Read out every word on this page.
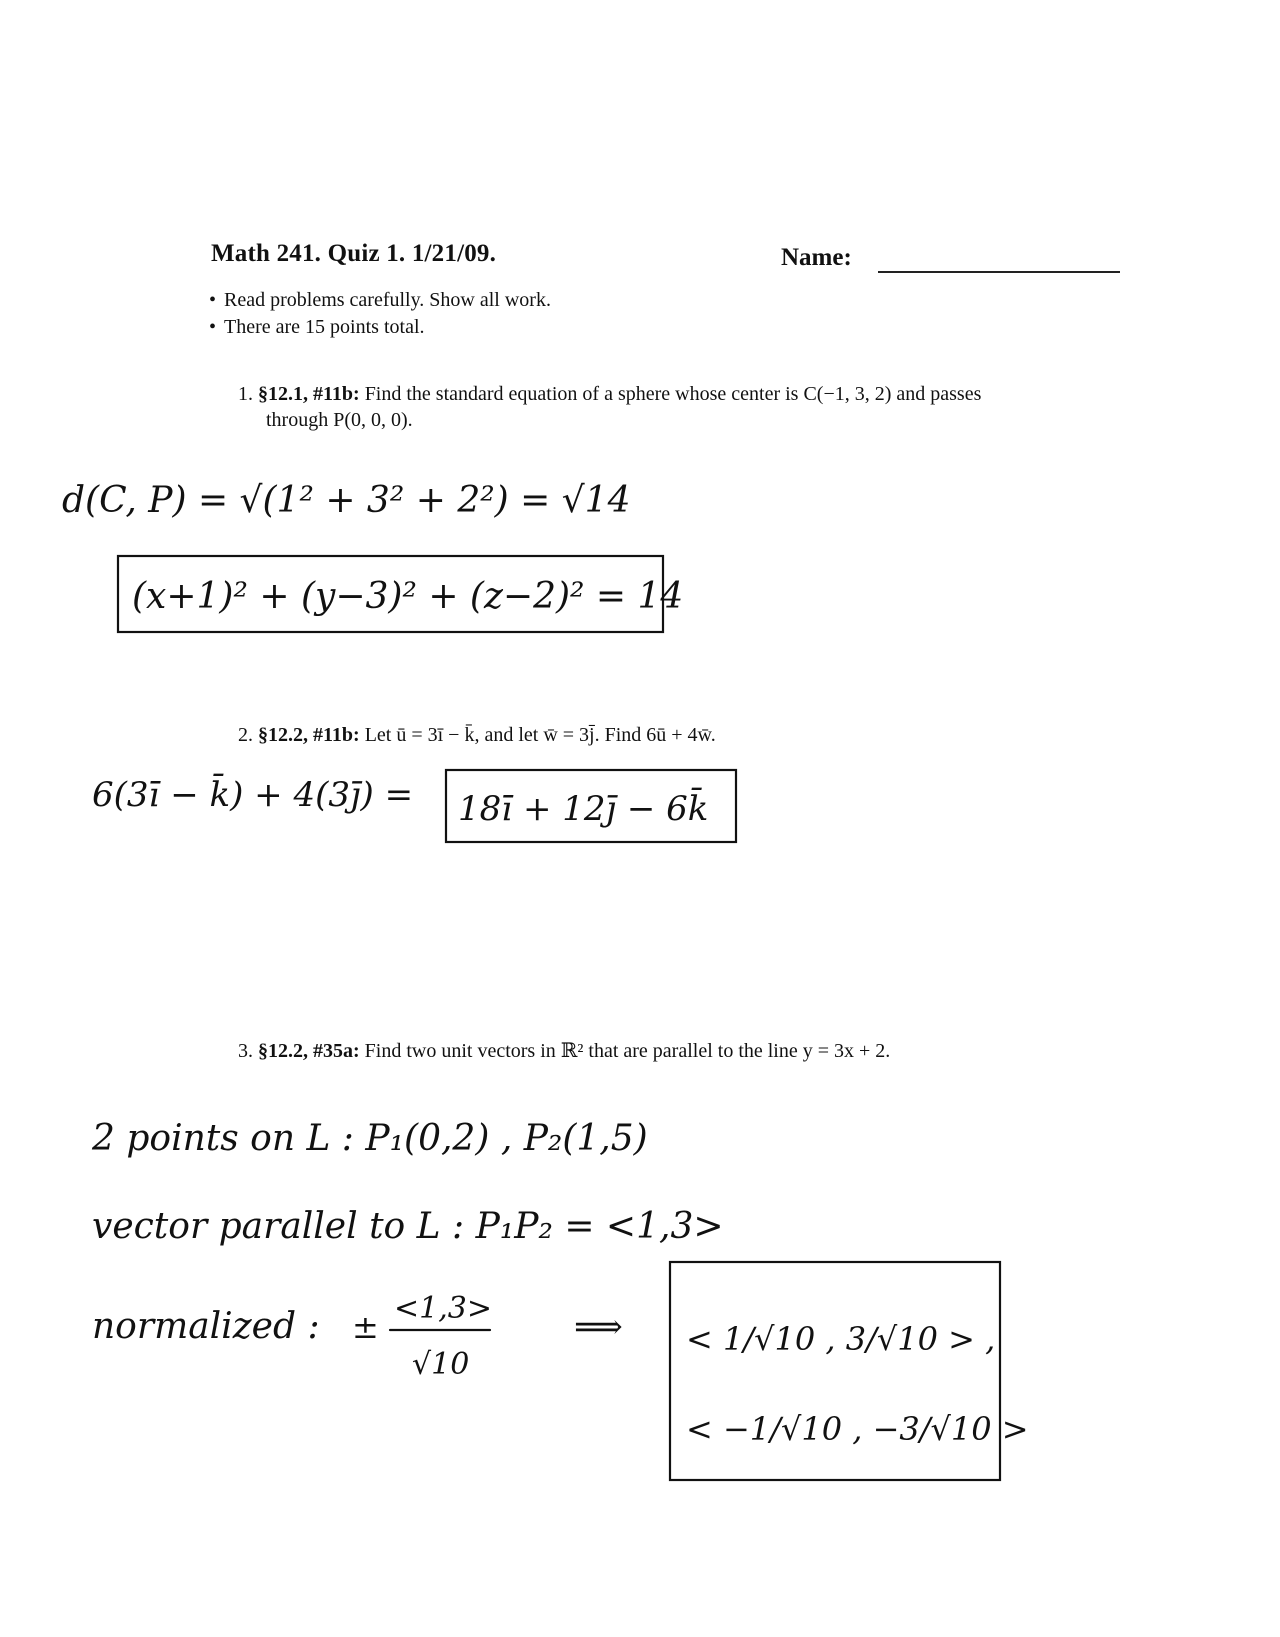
Math 241. Quiz 1. 1/21/09.	Name:
• Read problems carefully. Show all work.
• There are 15 points total.
1. §12.1, #11b: Find the standard equation of a sphere whose center is C(−1, 3, 2) and passes
through P(0, 0, 0).
2. §12.2, #11b: Let ū = 3ī − k̄, and let w̄ = 3j̄. Find 6ū + 4w̄.
3. §12.2, #35a: Find two unit vectors in ℝ² that are parallel to the line y = 3x + 2.
d(C, P) = √(1² + 3² + 2²) = √14
(x+1)² + (y−3)² + (z−2)² = 14
6(3ī − k̄) + 4(3j̄) = 18ī + 12j̄ − 6k̄
2 points on L : P₁(0,2) , P₂(1,5)
vector parallel to L : P₁P₂ = <1,3>
normalized : ± <1,3>
√10
⟹ < 1/√10 , 3/√10 > ,
< −1/√10 , −3/√10 >
